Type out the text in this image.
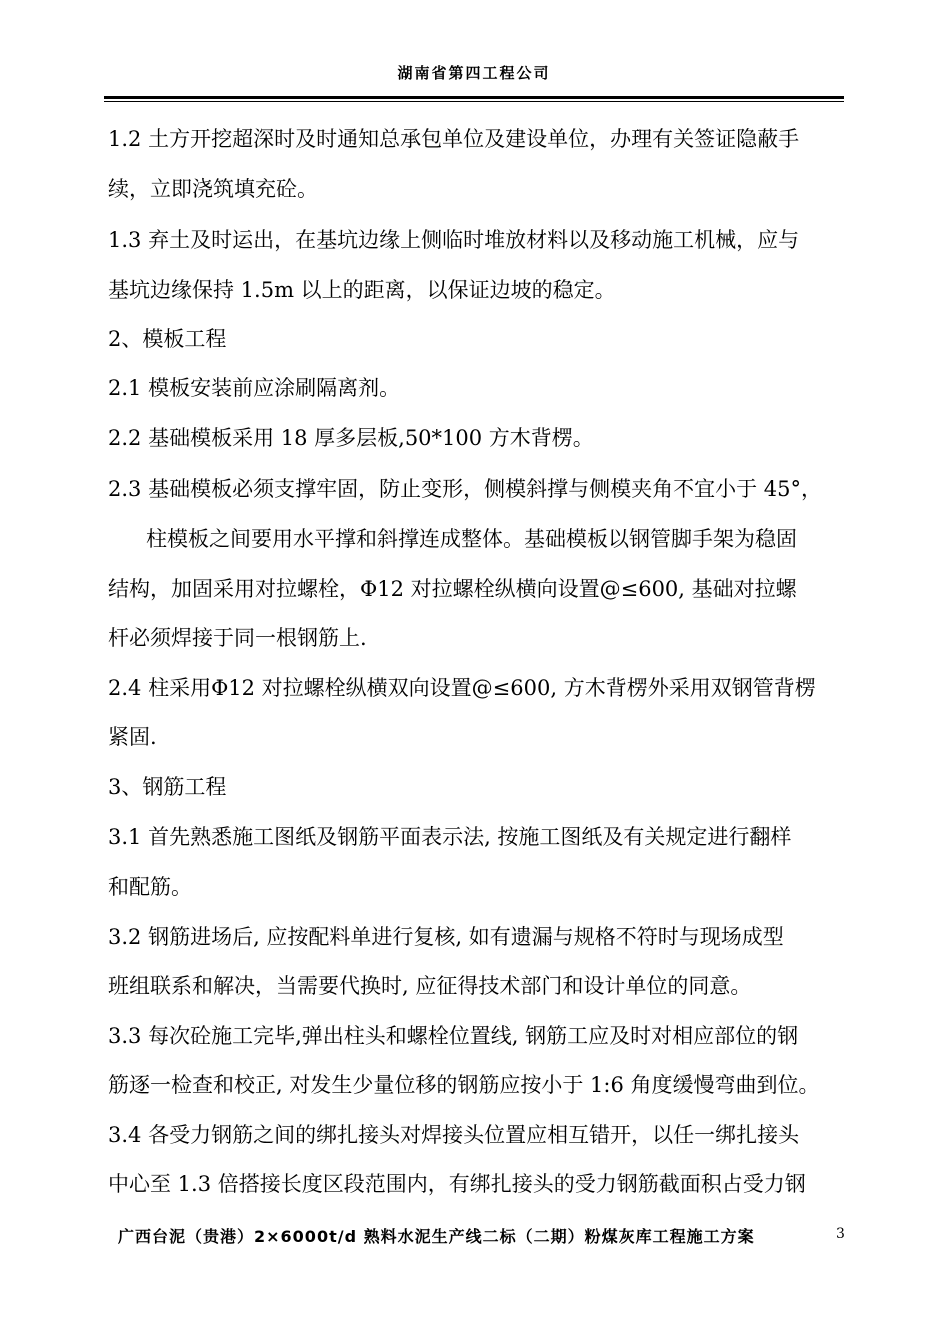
湖南省第四工程公司
1.2 土方开挖超深时及时通知总承包单位及建设单位，办理有关签证隐蔽手
续，立即浇筑填充砼。
1.3 弃土及时运出，在基坑边缘上侧临时堆放材料以及移动施工机械，应与
基坑边缘保持 1.5m 以上的距离，以保证边坡的稳定。
2、模板工程
2.1 模板安装前应涂刷隔离剂。
2.2 基础模板采用 18 厚多层板,50*100 方木背楞。
2.3 基础模板必须支撑牢固，防止变形，侧模斜撑与侧模夹角不宜小于 45°，
柱模板之间要用水平撑和斜撑连成整体。基础模板以钢管脚手架为稳固
结构，加固采用对拉螺栓，Φ12 对拉螺栓纵横向设置@≤600, 基础对拉螺
杆必须焊接于同一根钢筋上.
2.4 柱采用Φ12 对拉螺栓纵横双向设置@≤600, 方木背楞外采用双钢管背楞
紧固.
3、钢筋工程
3.1 首先熟悉施工图纸及钢筋平面表示法, 按施工图纸及有关规定进行翻样
和配筋。
3.2 钢筋进场后, 应按配料单进行复核, 如有遗漏与规格不符时与现场成型
班组联系和解决，当需要代换时, 应征得技术部门和设计单位的同意。
3.3 每次砼施工完毕,弹出柱头和螺栓位置线, 钢筋工应及时对相应部位的钢
筋逐一检查和校正, 对发生少量位移的钢筋应按小于 1:6 角度缓慢弯曲到位。
3.4 各受力钢筋之间的绑扎接头对焊接头位置应相互错开，以任一绑扎接头
中心至 1.3 倍搭接长度区段范围内，有绑扎接头的受力钢筋截面积占受力钢
广西台泥（贵港）2×6000t/d 熟料水泥生产线二标（二期）粉煤灰库工程施工方案	3
